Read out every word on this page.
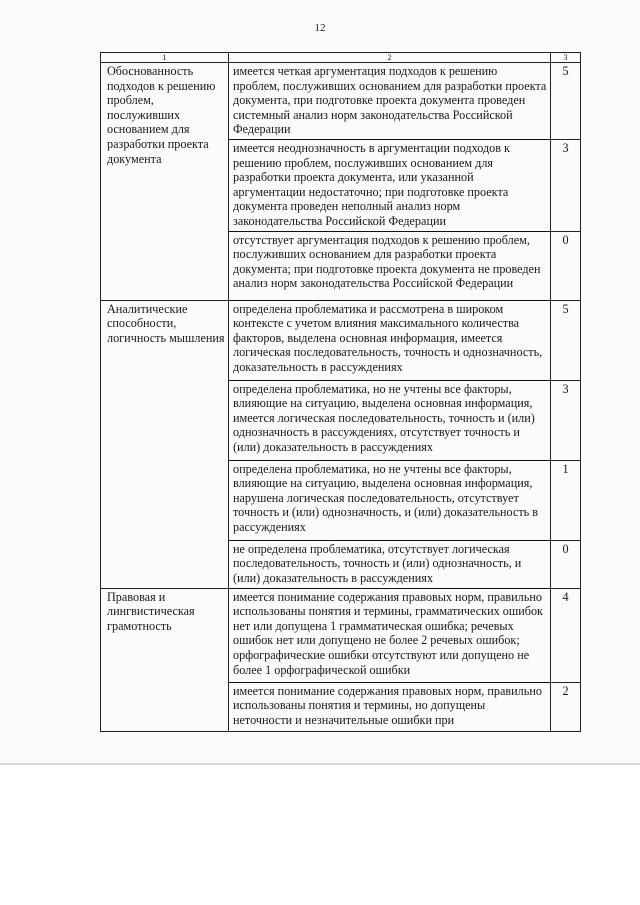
12
1	2	3
Обоснованность подходов к решению проблем, послуживших основанием для разработки проекта документа	имеется четкая аргументация подходов к решению проблем, послуживших основанием для разработки проекта документа, при подготовке проекта документа проведен системный анализ норм законодательства Российской Федерации	5
	имеется неоднозначность в аргументации подходов к решению проблем, послуживших основанием для разработки проекта документа, или указанной аргументации недостаточно; при подготовке проекта документа проведен неполный анализ норм законодательства Российской Федерации	3
	отсутствует аргументация подходов к решению проблем, послуживших основанием для разработки проекта документа; при подготовке проекта документа не проведен анализ норм законодательства Российской Федерации	0
Аналитические способности, логичность мышления	определена проблематика и рассмотрена в широком контексте с учетом влияния максимального количества факторов, выделена основная информация, имеется логическая последовательность, точность и однозначность, доказательность в рассуждениях	5
	определена проблематика, но не учтены все факторы, влияющие на ситуацию, выделена основная информация, имеется логическая последовательность, точность и (или) однозначность в рассуждениях, отсутствует точность и (или) доказательность в рассуждениях	3
	определена проблематика, но не учтены все факторы, влияющие на ситуацию, выделена основная информация, нарушена логическая последовательность, отсутствует точность и (или) однозначность, и (или) доказательность в рассуждениях	1
	не определена проблематика, отсутствует логическая последовательность, точность и (или) однозначность, и (или) доказательность в рассуждениях	0
Правовая и лингвистическая грамотность	имеется понимание содержания правовых норм, правильно использованы понятия и термины, грамматических ошибок нет или допущена 1 грамматическая ошибка; речевых ошибок нет или допущено не более 2 речевых ошибок; орфографические ошибки отсутствуют или допущено не более 1 орфографической ошибки	4
	имеется понимание содержания правовых норм, правильно использованы понятия и термины, но допущены неточности и незначительные ошибки при	2
